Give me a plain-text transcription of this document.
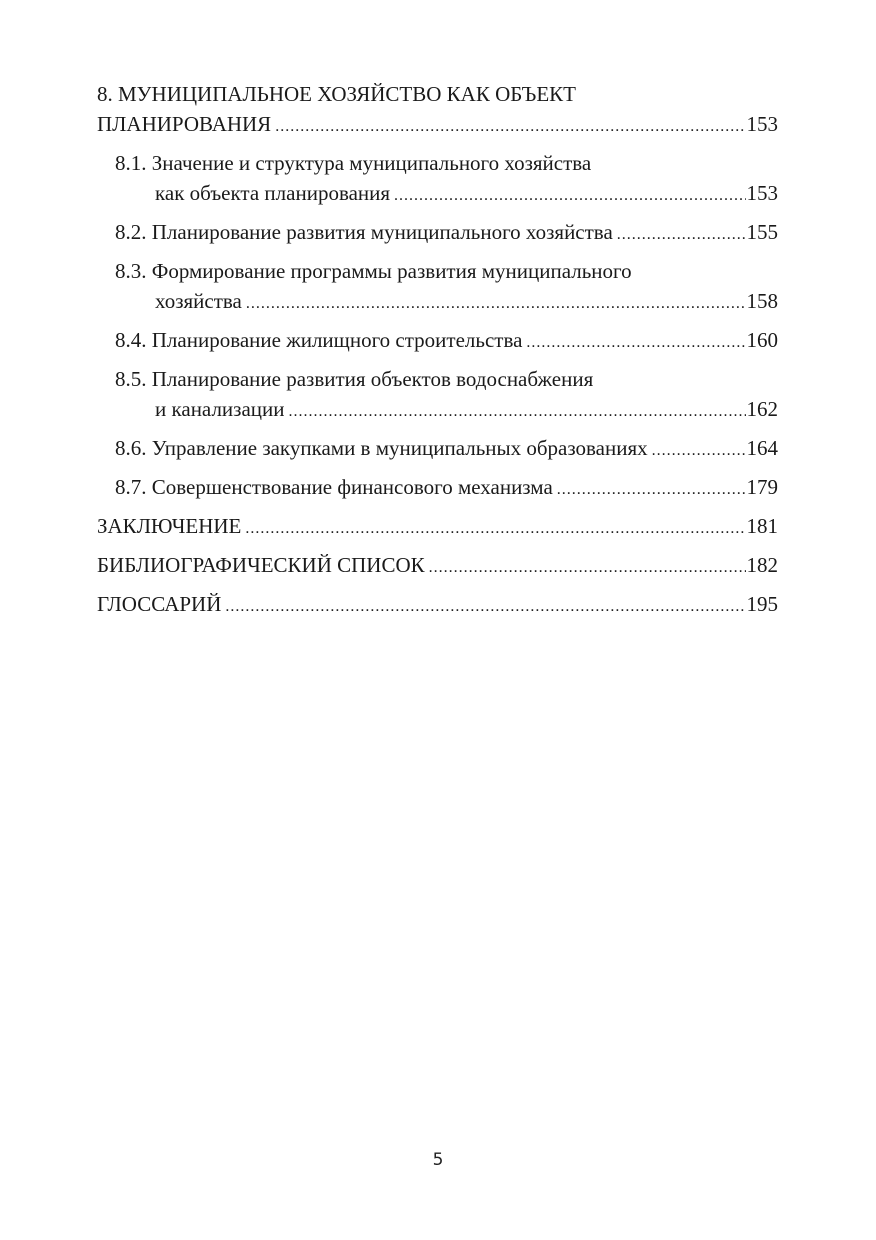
8. МУНИЦИПАЛЬНОЕ ХОЗЯЙСТВО КАК ОБЪЕКТ
ПЛАНИРОВАНИЯ .....	153
8.1. Значение и структура муниципального хозяйства
как объекта планирования .....	153
8.2. Планирование развития муниципального хозяйства .....	155
8.3. Формирование программы развития муниципального
хозяйства .....	158
8.4. Планирование жилищного строительства .....	160
8.5. Планирование развития объектов водоснабжения
и канализации .....	162
8.6. Управление закупками в муниципальных образованиях .....	164
8.7. Совершенствование финансового механизма .....	179
ЗАКЛЮЧЕНИЕ .....	181
БИБЛИОГРАФИЧЕСКИЙ СПИСОК .....	182
ГЛОССАРИЙ .....	195
5
